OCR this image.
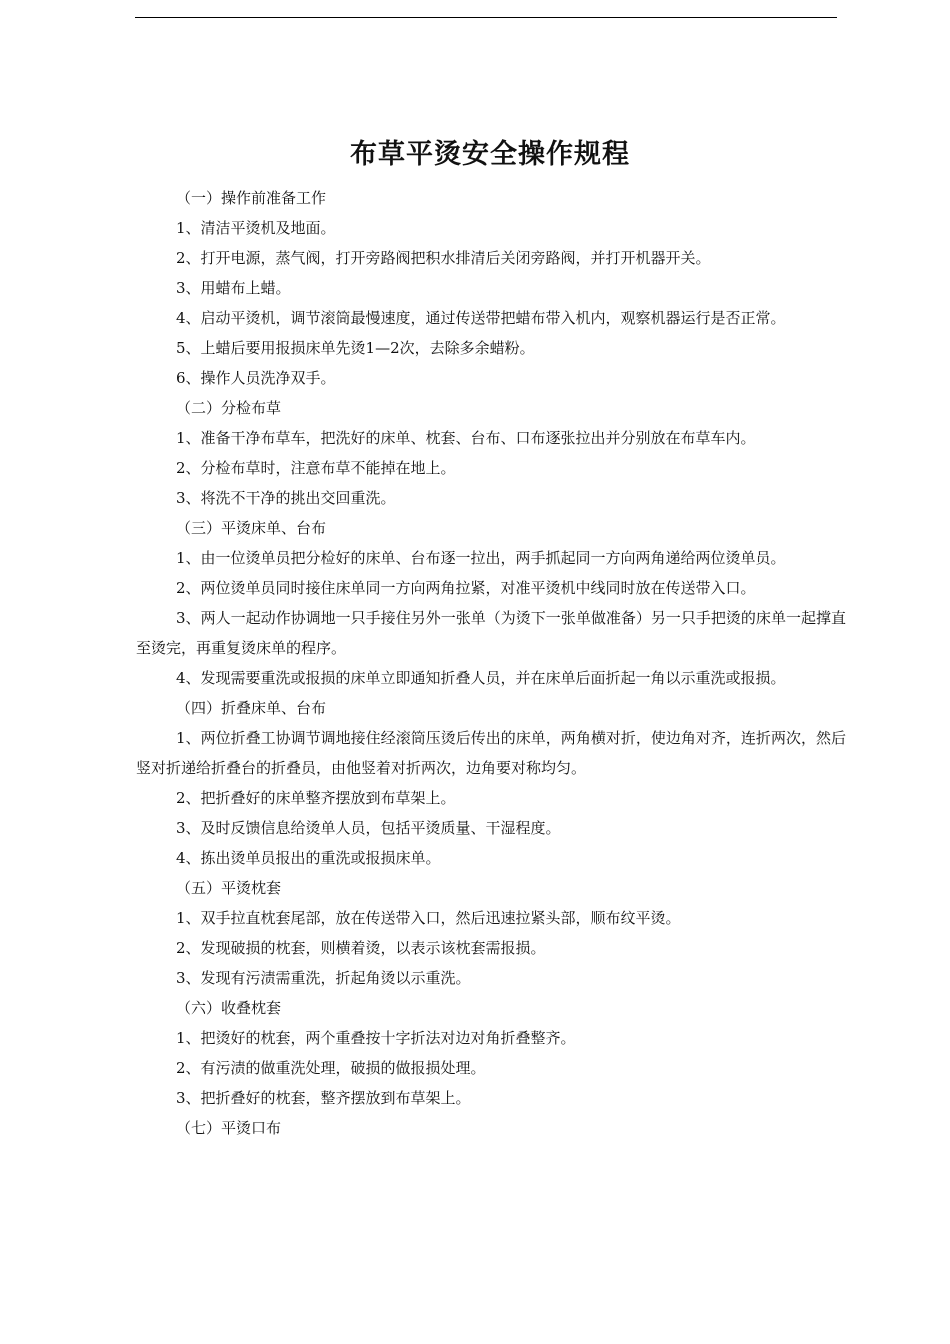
布草平烫安全操作规程

（一）操作前准备工作

1、清洁平烫机及地面。

2、打开电源，蒸气阀，打开旁路阀把积水排清后关闭旁路阀，并打开机器开关。

3、用蜡布上蜡。

4、启动平烫机，调节滚筒最慢速度，通过传送带把蜡布带入机内，观察机器运行是否正常。

5、上蜡后要用报损床单先烫1—2次，去除多余蜡粉。

6、操作人员洗净双手。

（二）分检布草

1、准备干净布草车，把洗好的床单、枕套、台布、口布逐张拉出并分别放在布草车内。

2、分检布草时，注意布草不能掉在地上。

3、将洗不干净的挑出交回重洗。

（三）平烫床单、台布

1、由一位烫单员把分检好的床单、台布逐一拉出，两手抓起同一方向两角递给两位烫单员。

2、两位烫单员同时接住床单同一方向两角拉紧，对准平烫机中线同时放在传送带入口。

3、两人一起动作协调地一只手接住另外一张单（为烫下一张单做准备）另一只手把烫的床单一起撑直至烫完，再重复烫床单的程序。

4、发现需要重洗或报损的床单立即通知折叠人员，并在床单后面折起一角以示重洗或报损。

（四）折叠床单、台布

1、两位折叠工协调节调地接住经滚筒压烫后传出的床单，两角横对折，使边角对齐，连折两次，然后竖对折递给折叠台的折叠员，由他竖着对折两次，边角要对称均匀。

2、把折叠好的床单整齐摆放到布草架上。

3、及时反馈信息给烫单人员，包括平烫质量、干湿程度。

4、拣出烫单员报出的重洗或报损床单。

（五）平烫枕套

1、双手拉直枕套尾部，放在传送带入口，然后迅速拉紧头部，顺布纹平烫。

2、发现破损的枕套，则横着烫，以表示该枕套需报损。

3、发现有污渍需重洗，折起角烫以示重洗。

（六）收叠枕套

1、把烫好的枕套，两个重叠按十字折法对边对角折叠整齐。

2、有污渍的做重洗处理，破损的做报损处理。

3、把折叠好的枕套，整齐摆放到布草架上。

（七）平烫口布
